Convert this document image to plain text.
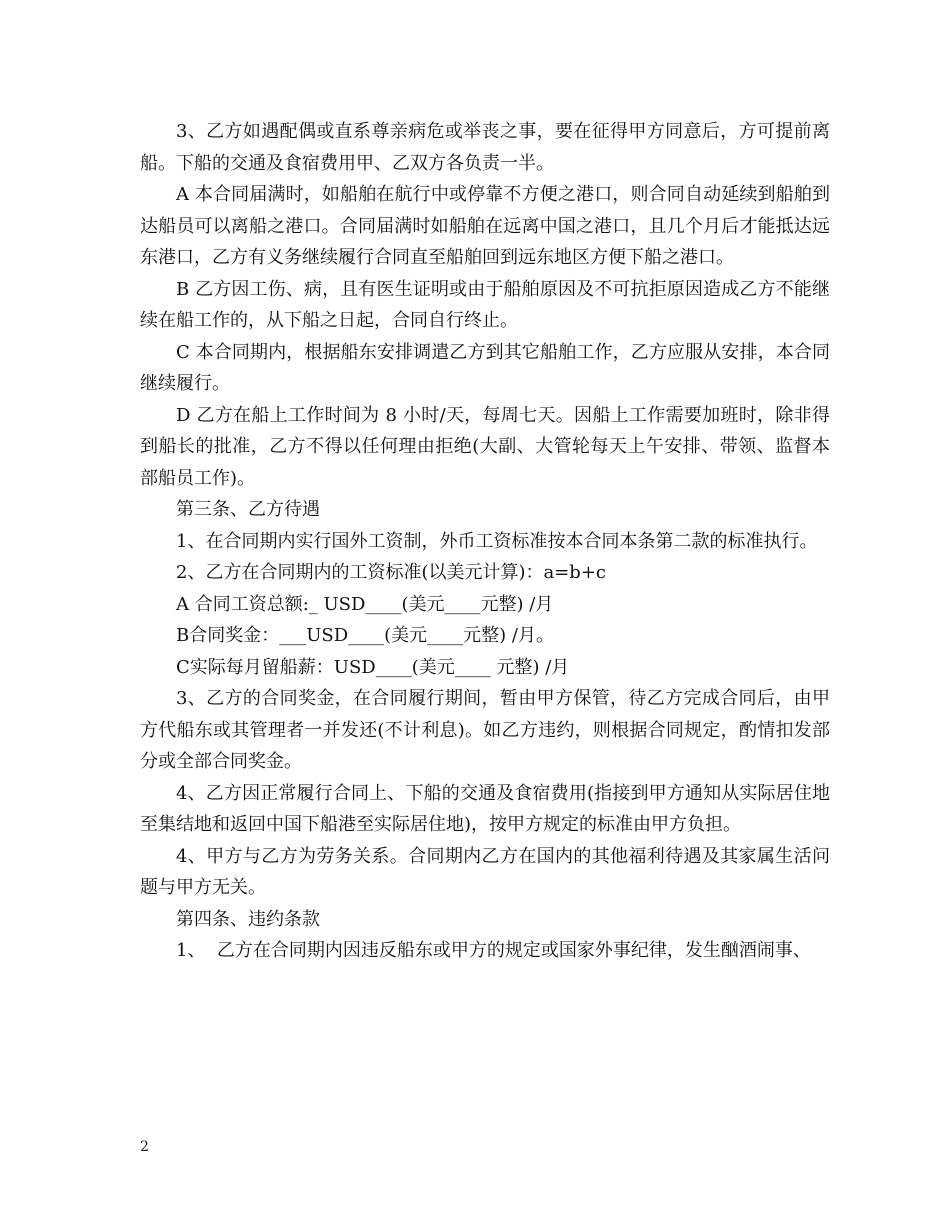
3、乙方如遇配偶或直系尊亲病危或举丧之事，要在征得甲方同意后，方可提前离船。下船的交通及食宿费用甲、乙双方各负责一半。

A 本合同届满时，如船舶在航行中或停靠不方便之港口，则合同自动延续到船舶到达船员可以离船之港口。合同届满时如船舶在远离中国之港口，且几个月后才能抵达远东港口，乙方有义务继续履行合同直至船舶回到远东地区方便下船之港口。

B 乙方因工伤、病，且有医生证明或由于船舶原因及不可抗拒原因造成乙方不能继续在船工作的，从下船之日起，合同自行终止。

C 本合同期内，根据船东安排调遣乙方到其它船舶工作，乙方应服从安排，本合同继续履行。

D 乙方在船上工作时间为 8 小时/天，每周七天。因船上工作需要加班时，除非得到船长的批准，乙方不得以任何理由拒绝(大副、大管轮每天上午安排、带领、监督本部船员工作)。

第三条、乙方待遇

1、在合同期内实行国外工资制，外币工资标准按本合同本条第二款的标准执行。

2、乙方在合同期内的工资标准(以美元计算)：a=b+c

A 合同工资总额:_ USD____(美元____元整) /月

B合同奖金：___USD____(美元____元整) /月。

C实际每月留船薪：USD____(美元____ 元整) /月

3、乙方的合同奖金，在合同履行期间，暂由甲方保管，待乙方完成合同后，由甲方代船东或其管理者一并发还(不计利息)。如乙方违约，则根据合同规定，酌情扣发部分或全部合同奖金。

4、乙方因正常履行合同上、下船的交通及食宿费用(指接到甲方通知从实际居住地至集结地和返回中国下船港至实际居住地)，按甲方规定的标准由甲方负担。

4、甲方与乙方为劳务关系。合同期内乙方在国内的其他福利待遇及其家属生活问题与甲方无关。

第四条、违约条款

1、  乙方在合同期内因违反船东或甲方的规定或国家外事纪律，发生酗酒闹事、

2
